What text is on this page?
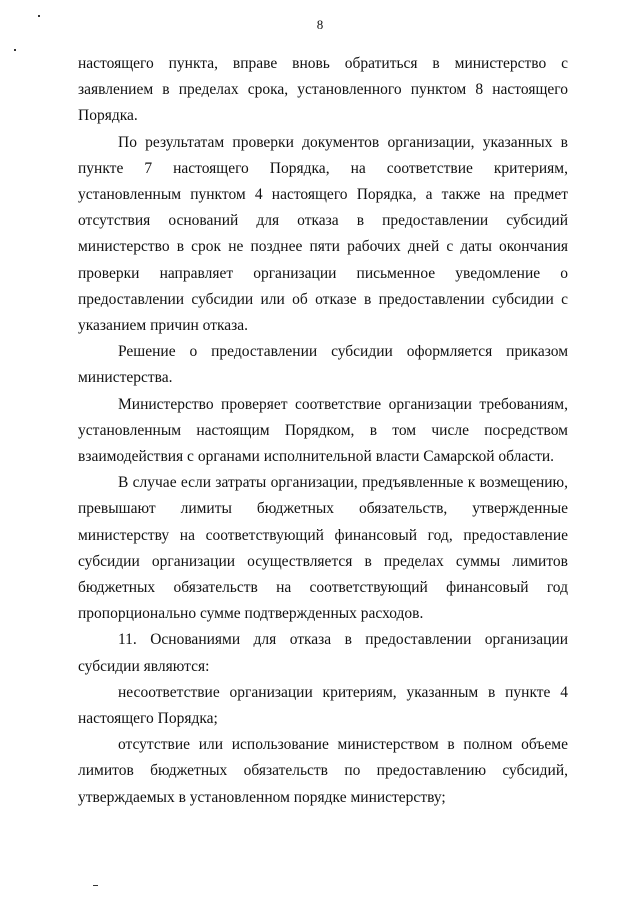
8

настоящего пункта, вправе вновь обратиться в министерство с заявлением в пределах срока, установленного пунктом 8 настоящего Порядка.

По результатам проверки документов организации, указанных в пункте 7 настоящего Порядка, на соответствие критериям, установленным пунктом 4 настоящего Порядка, а также на предмет отсутствия оснований для отказа в предоставлении субсидий министерство в срок не позднее пяти рабочих дней с даты окончания проверки направляет организации письменное уведомление о предоставлении субсидии или об отказе в предоставлении субсидии с указанием причин отказа.

Решение о предоставлении субсидии оформляется приказом министерства.

Министерство проверяет соответствие организации требованиям, установленным настоящим Порядком, в том числе посредством взаимодействия с органами исполнительной власти Самарской области.

В случае если затраты организации, предъявленные к возмещению, превышают лимиты бюджетных обязательств, утвержденные министерству на соответствующий финансовый год, предоставление субсидии организации осуществляется в пределах суммы лимитов бюджетных обязательств на соответствующий финансовый год пропорционально сумме подтвержденных расходов.

11. Основаниями для отказа в предоставлении организации субсидии являются:

несоответствие организации критериям, указанным в пункте 4 настоящего Порядка;

отсутствие или использование министерством в полном объеме лимитов бюджетных обязательств по предоставлению субсидий, утверждаемых в установленном порядке министерству;
